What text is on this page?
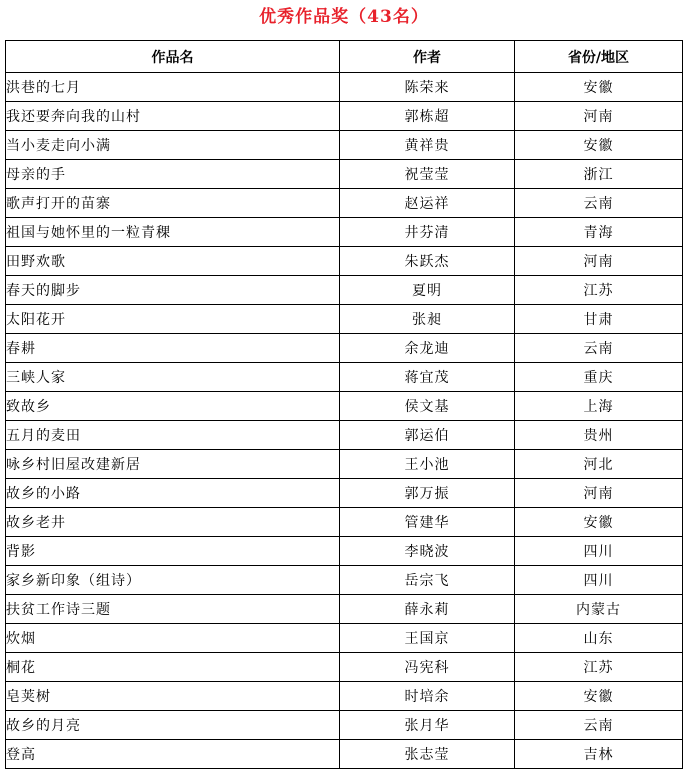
优秀作品奖（43名）
作品名	作者	省份/地区
洪巷的七月	陈荣来	安徽
我还要奔向我的山村	郭栋超	河南
当小麦走向小满	黄祥贵	安徽
母亲的手	祝莹莹	浙江
歌声打开的苗寨	赵运祥	云南
祖国与她怀里的一粒青稞	井芬清	青海
田野欢歌	朱跃杰	河南
春天的脚步	夏明	江苏
太阳花开	张昶	甘肃
春耕	余龙迪	云南
三峡人家	蒋宜茂	重庆
致故乡	侯文基	上海
五月的麦田	郭运伯	贵州
咏乡村旧屋改建新居	王小池	河北
故乡的小路	郭万振	河南
故乡老井	管建华	安徽
背影	李晓波	四川
家乡新印象（组诗）	岳宗飞	四川
扶贫工作诗三题	薛永莉	内蒙古
炊烟	王国京	山东
桐花	冯宪科	江苏
皂荚树	时培余	安徽
故乡的月亮	张月华	云南
登高	张志莹	吉林
